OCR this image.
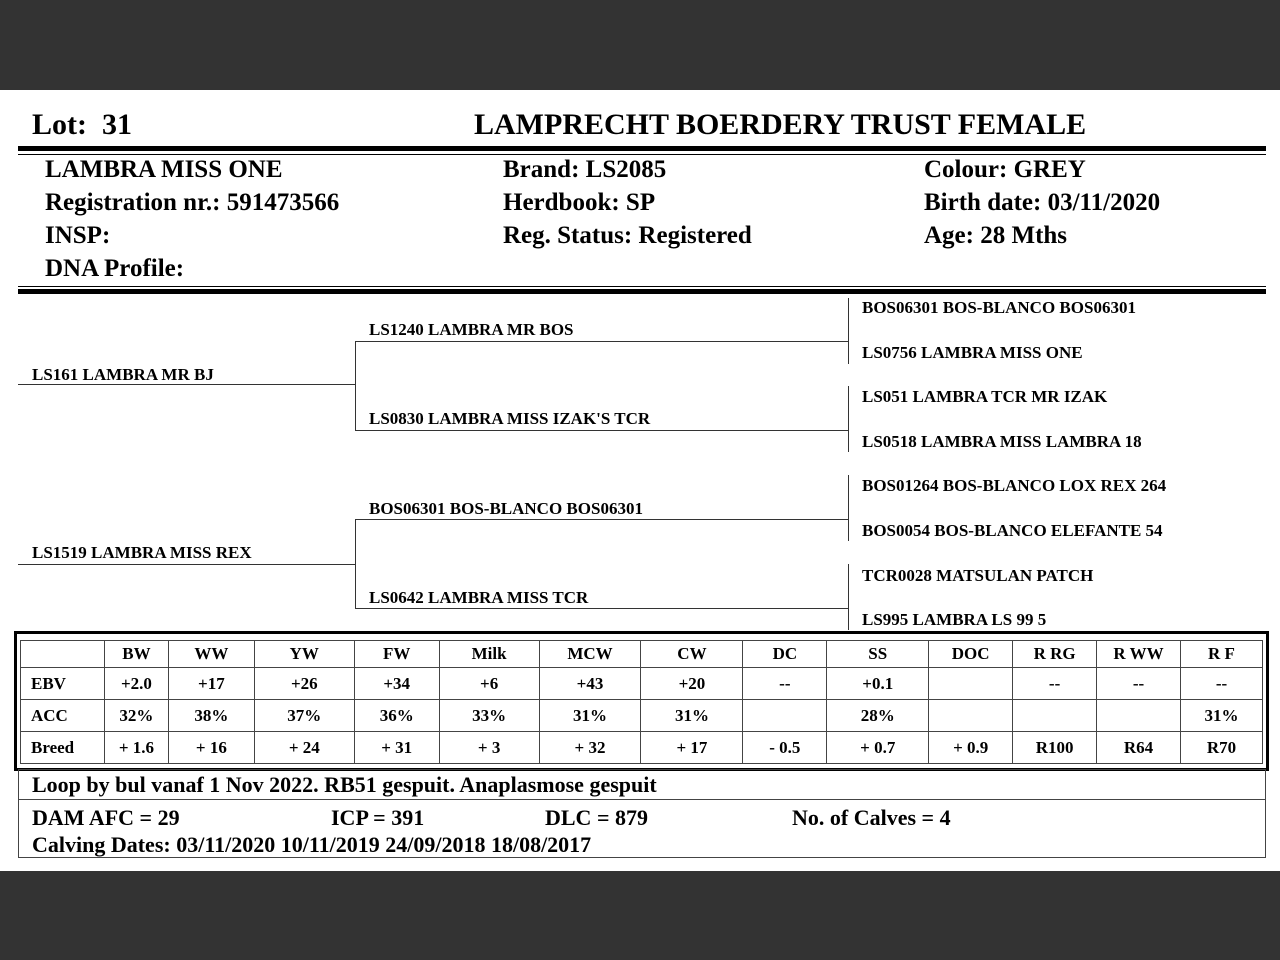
Lot: 31	LAMPRECHT BOERDERY TRUST FEMALE
LAMBRA MISS ONE
Registration nr.: 591473566
INSP:
DNA Profile:
Brand: LS2085
Herdbook: SP
Reg. Status: Registered
Colour: GREY
Birth date: 03/11/2020
Age: 28 Mths
LS161 LAMBRA MR BJ
LS1519 LAMBRA MISS REX
LS1240 LAMBRA MR BOS
LS0830 LAMBRA MISS IZAK'S TCR
BOS06301 BOS-BLANCO BOS06301
LS0642 LAMBRA MISS TCR
BOS06301 BOS-BLANCO BOS06301
LS0756 LAMBRA MISS ONE
LS051 LAMBRA TCR MR IZAK
LS0518 LAMBRA MISS LAMBRA 18
BOS01264 BOS-BLANCO LOX REX 264
BOS0054 BOS-BLANCO ELEFANTE 54
TCR0028 MATSULAN PATCH
LS995 LAMBRA LS 99 5
	BW	WW	YW	FW	Milk	MCW	CW	DC	SS	DOC	R RG	R WW	R F
EBV	+2.0	+17	+26	+34	+6	+43	+20	--	+0.1		--	--	--
ACC	32%	38%	37%	36%	33%	31%	31%		28%				31%
Breed	+ 1.6	+ 16	+ 24	+ 31	+ 3	+ 32	+ 17	- 0.5	+ 0.7	+ 0.9	R100	R64	R70
Loop by bul vanaf 1 Nov 2022. RB51 gespuit. Anaplasmose gespuit
DAM AFC = 29	ICP = 391	DLC = 879	No. of Calves = 4
Calving Dates: 03/11/2020 10/11/2019 24/09/2018 18/08/2017
